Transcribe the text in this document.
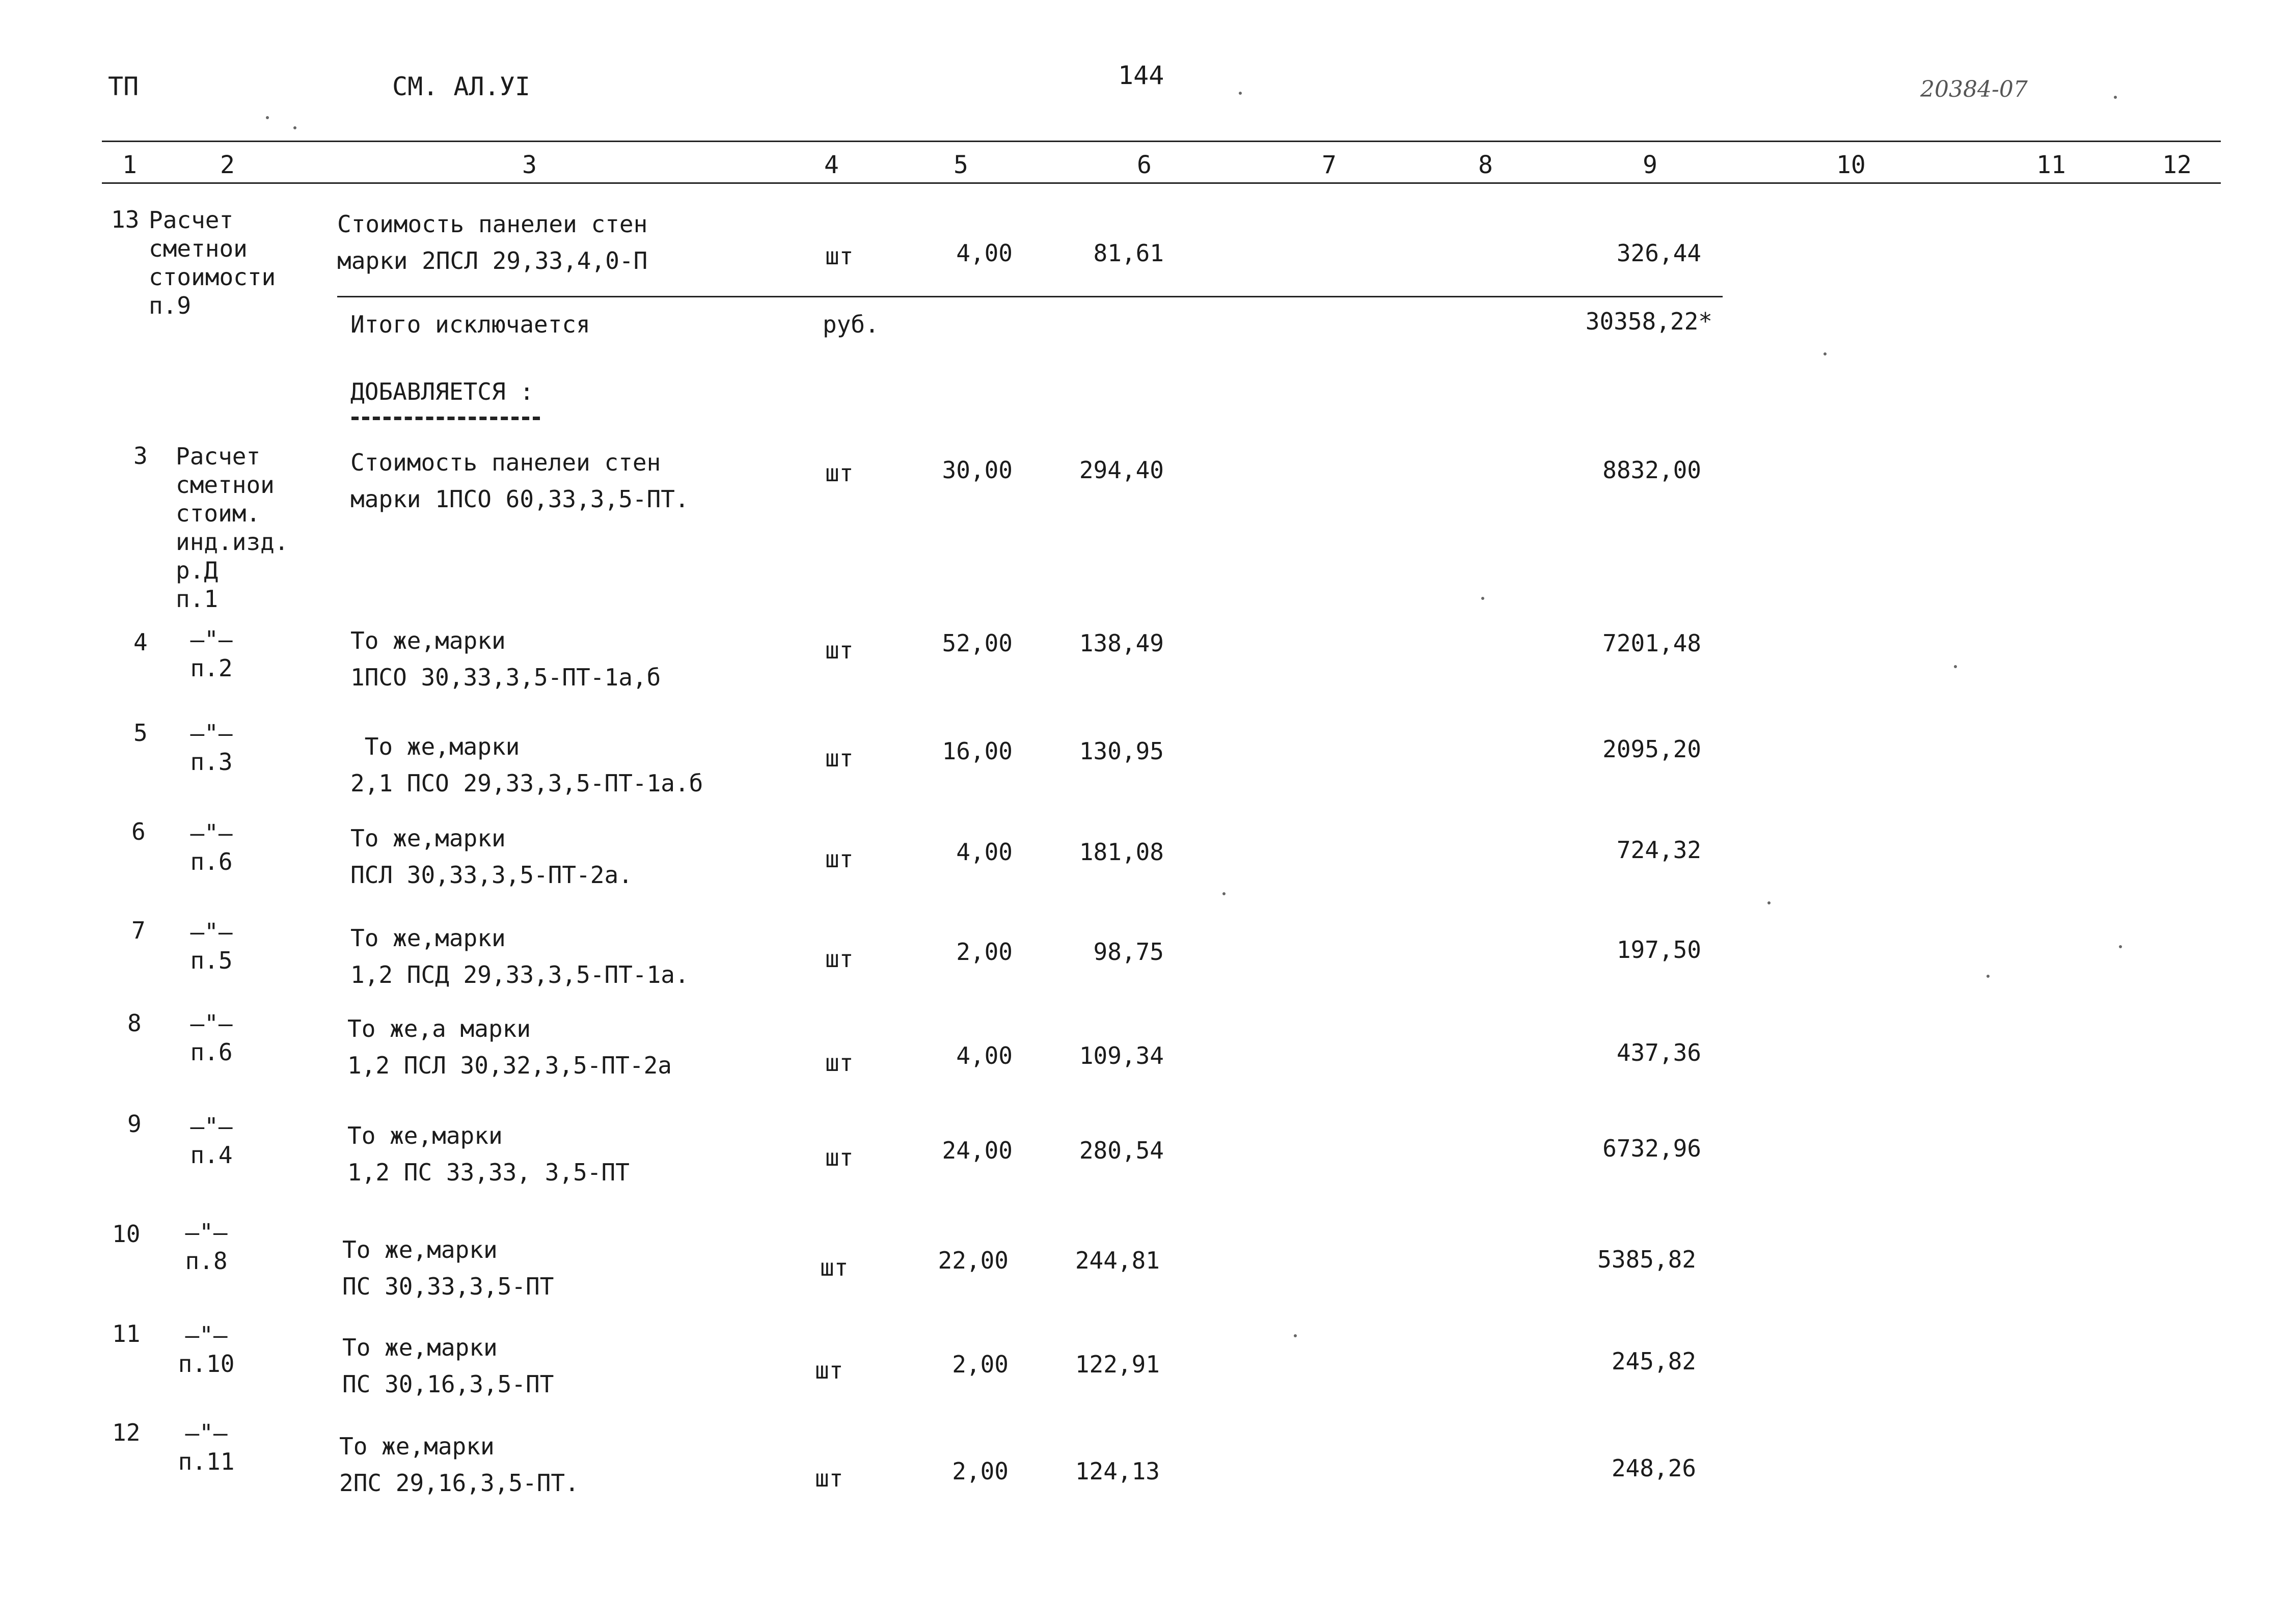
ТП	СМ. АЛ.УI	144	20384-07
1	2	3	4	5	6	7	8	9	10	11	12
13 Расчет
сметнои
стоимости
п.9
Стоимость панелеи стен
марки 2ПСЛ 29,33,4,0-П	шт	4,00	81,61	326,44
Итого исключается	руб.	30358,22*
ДОБАВЛЯЕТСЯ :
3 Расчет
сметнои
стоим.
инд.изд.
р.Д
п.1
Стоимость панелеи стен
марки 1ПСО 60,33,3,5-ПТ.
шт	30,00	294,40	8832,00
4	—"—
п.2
То же,марки
1ПСО 30,33,3,5-ПТ-1а,б
шт	52,00	138,49	7201,48
5	—"—
п.3
То же,марки
2,1 ПСО 29,33,3,5-ПТ-1а.б
шт	16,00	130,95	2095,20
6	—"—
п.6
То же,марки
ПСЛ 30,33,3,5-ПТ-2а.
шт	4,00	181,08	724,32
7	—"—
п.5
То же,марки
1,2 ПСД 29,33,3,5-ПТ-1а.
шт	2,00	98,75	197,50
8	—"—
п.6
То же,а марки
1,2 ПСЛ 30,32,3,5-ПТ-2а	шт	4,00	109,34	437,36
9	—"—
п.4
То же,марки
1,2 ПС 33,33, 3,5-ПТ
шт	24,00	280,54	6732,96
10	—"—
п.8	То же,марки
ПС 30,33,3,5-ПТ
шт	22,00	244,81	5385,82
11	—"—
п.10
То же,марки
ПС 30,16,3,5-ПТ	шт	2,00	122,91	245,82
12	—"—
п.11
То же,марки
2ПС 29,16,3,5-ПТ.	шт	2,00	124,13	248,26
